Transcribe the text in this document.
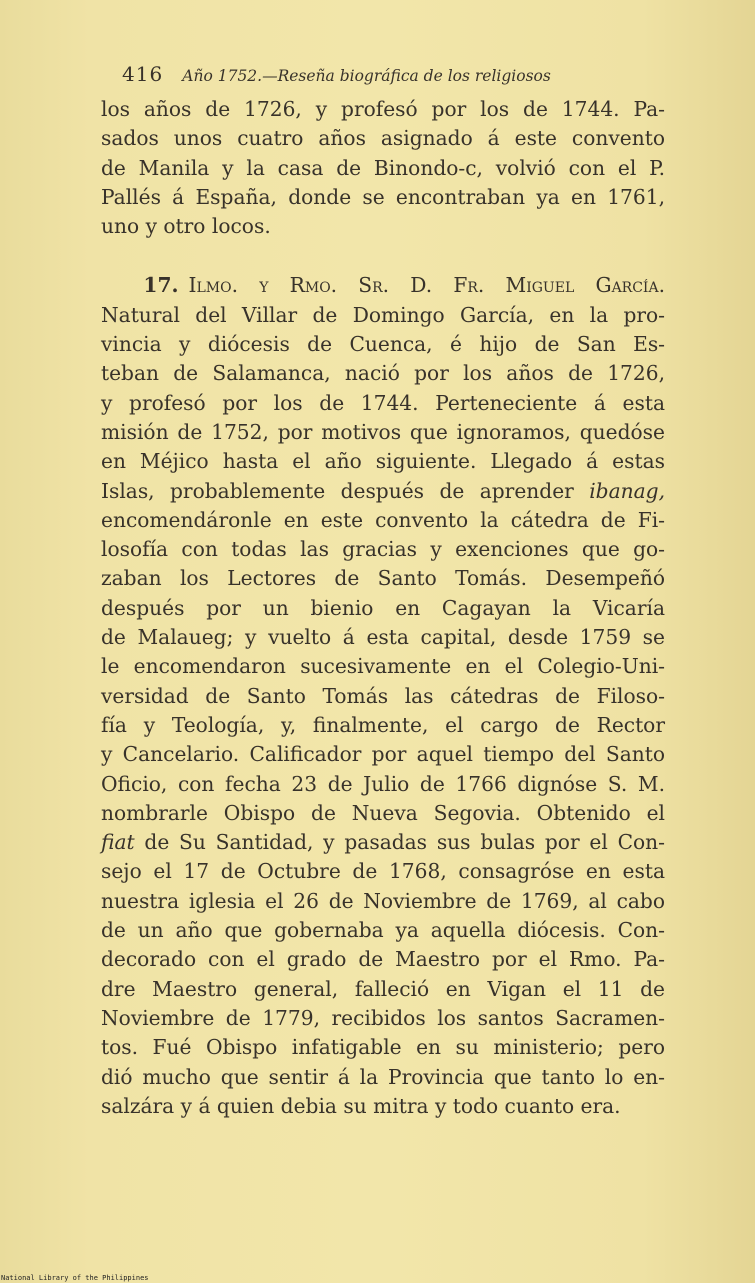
416 Año 1752.—Reseña biográfica de los religiosos

los años de 1726, y profesó por los de 1744. Pa-
sados unos cuatro años asignado á este convento
de Manila y la casa de Binondo-c, volvió con el P.
Pallés á España, donde se encontraban ya en 1761,
uno y otro locos.

17. Ilmo. y Rmo. Sr. D. Fr. Miguel García.
Natural del Villar de Domingo García, en la pro-
vincia y diócesis de Cuenca, é hijo de San Es-
teban de Salamanca, nació por los años de 1726,
y profesó por los de 1744. Perteneciente á esta
misión de 1752, por motivos que ignoramos, quedóse
en Méjico hasta el año siguiente. Llegado á estas
Islas, probablemente después de aprender ibanag,
encomendáronle en este convento la cátedra de Fi-
losofía con todas las gracias y exenciones que go-
zaban los Lectores de Santo Tomás. Desempeñó
después por un bienio en Cagayan la Vicaría
de Malaueg; y vuelto á esta capital, desde 1759 se
le encomendaron sucesivamente en el Colegio-Uni-
versidad de Santo Tomás las cátedras de Filoso-
fía y Teología, y, finalmente, el cargo de Rector
y Cancelario. Calificador por aquel tiempo del Santo
Oficio, con fecha 23 de Julio de 1766 dignóse S. M.
nombrarle Obispo de Nueva Segovia. Obtenido el
fiat de Su Santidad, y pasadas sus bulas por el Con-
sejo el 17 de Octubre de 1768, consagróse en esta
nuestra iglesia el 26 de Noviembre de 1769, al cabo
de un año que gobernaba ya aquella diócesis. Con-
decorado con el grado de Maestro por el Rmo. Pa-
dre Maestro general, falleció en Vigan el 11 de
Noviembre de 1779, recibidos los santos Sacramen-
tos. Fué Obispo infatigable en su ministerio; pero
dió mucho que sentir á la Provincia que tanto lo en-
salzára y á quien debia su mitra y todo cuanto era.

National Library of the Philippines
